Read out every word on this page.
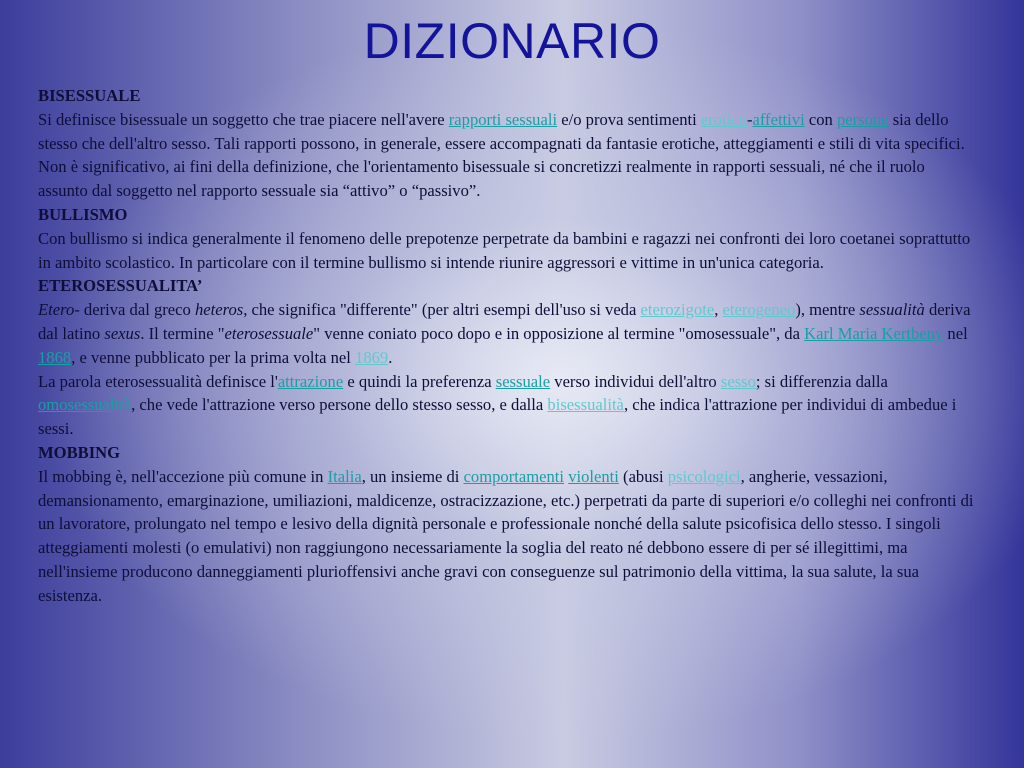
DIZIONARIO

BISESSUALE

Si definisce bisessuale un soggetto che trae piacere nell'avere rapporti sessuali e/o prova sentimenti erotico-affettivi con persone sia dello stesso che dell'altro sesso. Tali rapporti possono, in generale, essere accompagnati da fantasie erotiche, atteggiamenti e stili di vita specifici.

Non è significativo, ai fini della definizione, che l'orientamento bisessuale si concretizzi realmente in rapporti sessuali, né che il ruolo assunto dal soggetto nel rapporto sessuale sia “attivo” o “passivo”.

BULLISMO

Con bullismo si indica generalmente il fenomeno delle prepotenze perpetrate da bambini e ragazzi nei confronti dei loro coetanei soprattutto in ambito scolastico. In particolare con il termine bullismo si intende riunire aggressori e vittime in un'unica categoria.

ETEROSESSUALITA’

Etero- deriva dal greco heteros, che significa "differente" (per altri esempi dell'uso si veda eterozigote, eterogeneo), mentre sessualità deriva dal latino sexus. Il termine "eterosessuale" venne coniato poco dopo e in opposizione al termine "omosessuale", da Karl Maria Kertbeny nel 1868, e venne pubblicato per la prima volta nel 1869.

La parola eterosessualità definisce l'attrazione e quindi la preferenza sessuale verso individui dell'altro sesso; si differenzia dalla omosessualità, che vede l'attrazione verso persone dello stesso sesso, e dalla bisessualità, che indica l'attrazione per individui di ambedue i sessi.

MOBBING

Il mobbing è, nell'accezione più comune in Italia, un insieme di comportamenti violenti (abusi psicologici, angherie, vessazioni, demansionamento, emarginazione, umiliazioni, maldicenze, ostracizzazione, etc.) perpetrati da parte di superiori e/o colleghi nei confronti di un lavoratore, prolungato nel tempo e lesivo della dignità personale e professionale nonché della salute psicofisica dello stesso. I singoli atteggiamenti molesti (o emulativi) non raggiungono necessariamente la soglia del reato né debbono essere di per sé illegittimi, ma nell'insieme producono danneggiamenti plurioffensivi anche gravi con conseguenze sul patrimonio della vittima, la sua salute, la sua esistenza.
